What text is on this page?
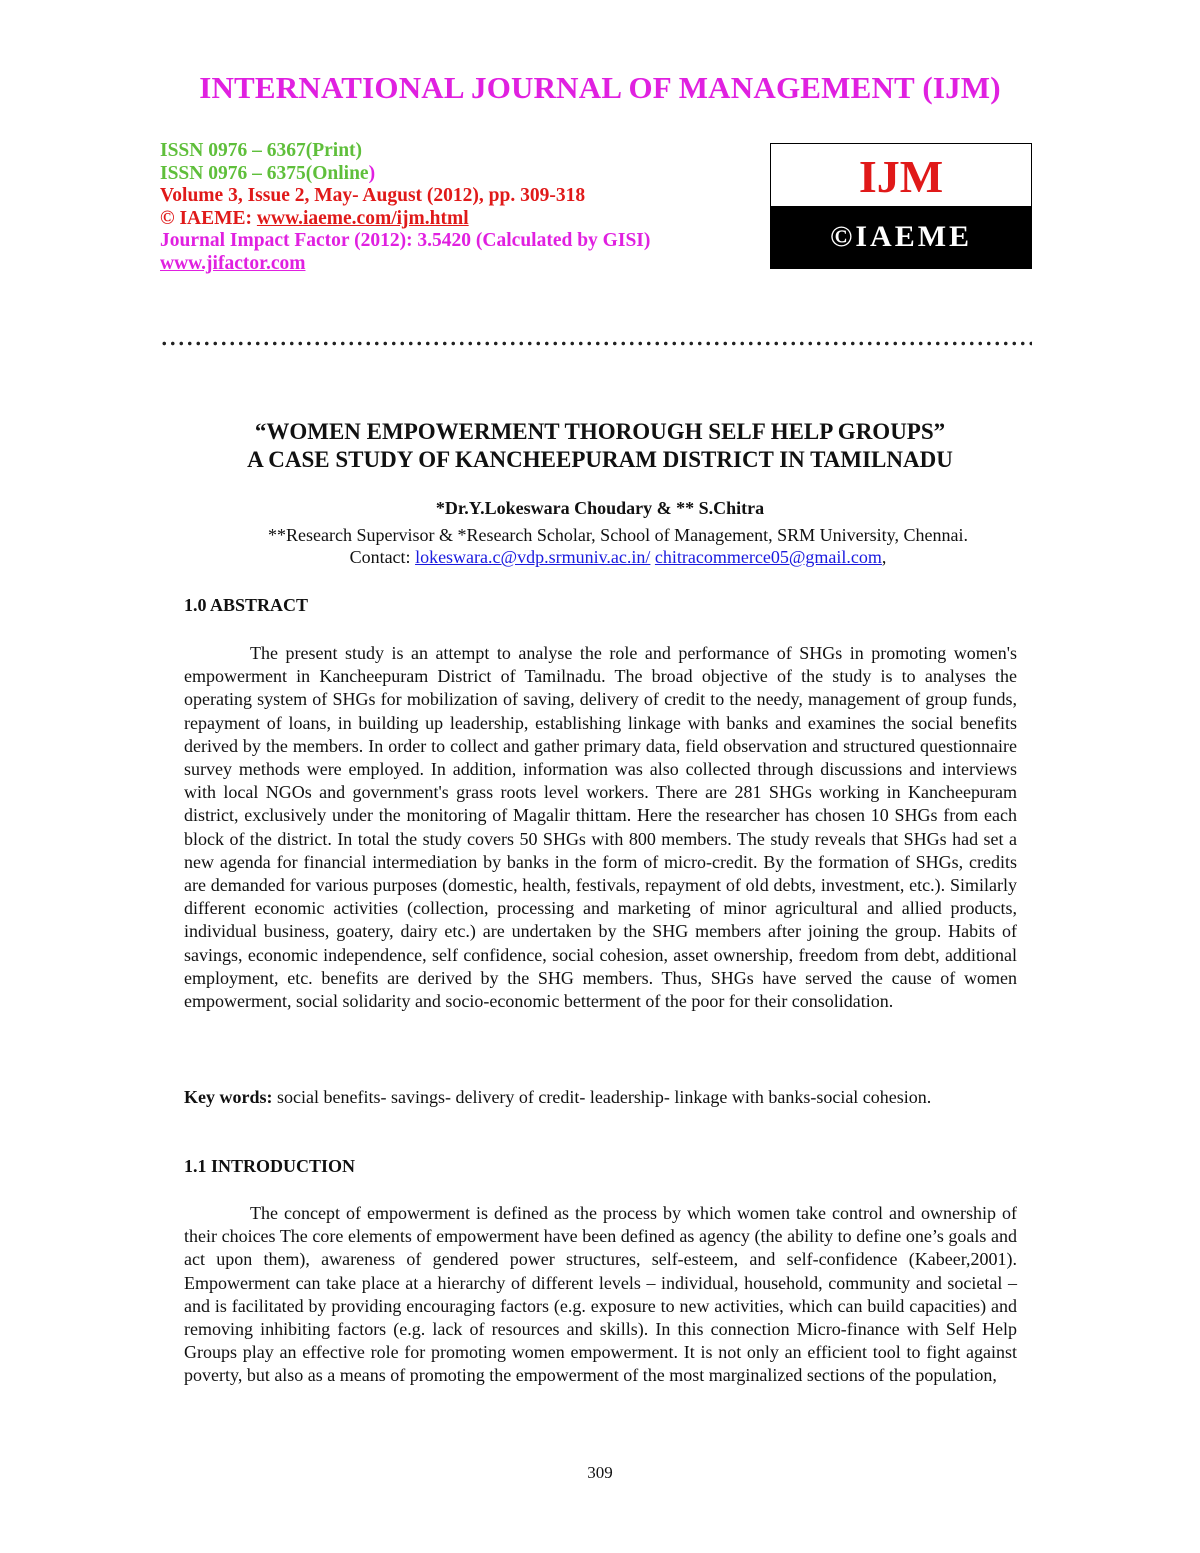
INTERNATIONAL JOURNAL OF MANAGEMENT (IJM)
ISSN 0976 – 6367(Print)
ISSN 0976 – 6375(Online)
Volume 3, Issue 2, May- August (2012), pp. 309-318
© IAEME: www.iaeme.com/ijm.html
Journal Impact Factor (2012): 3.5420 (Calculated by GISI)
www.jifactor.com
IJM
©IAEME
“WOMEN EMPOWERMENT THOROUGH SELF HELP GROUPS”
A CASE STUDY OF KANCHEEPURAM DISTRICT IN TAMILNADU
*Dr.Y.Lokeswara Choudary & ** S.Chitra
**Research Supervisor & *Research Scholar, School of Management, SRM University, Chennai.
Contact: lokeswara.c@vdp.srmuniv.ac.in/ chitracommerce05@gmail.com,
1.0 ABSTRACT
The present study is an attempt to analyse the role and performance of SHGs in promoting women's empowerment in Kancheepuram District of Tamilnadu. The broad objective of the study is to analyses the operating system of SHGs for mobilization of saving, delivery of credit to the needy, management of group funds, repayment of loans, in building up leadership, establishing linkage with banks and examines the social benefits derived by the members. In order to collect and gather primary data, field observation and structured questionnaire survey methods were employed. In addition, information was also collected through discussions and interviews with local NGOs and government's grass roots level workers. There are 281 SHGs working in Kancheepuram district, exclusively under the monitoring of Magalir thittam. Here the researcher has chosen 10 SHGs from each block of the district. In total the study covers 50 SHGs with 800 members. The study reveals that SHGs had set a new agenda for financial intermediation by banks in the form of micro-credit. By the formation of SHGs, credits are demanded for various purposes (domestic, health, festivals, repayment of old debts, investment, etc.). Similarly different economic activities (collection, processing and marketing of minor agricultural and allied products, individual business, goatery, dairy etc.) are undertaken by the SHG members after joining the group. Habits of savings, economic independence, self confidence, social cohesion, asset ownership, freedom from debt, additional employment, etc. benefits are derived by the SHG members. Thus, SHGs have served the cause of women empowerment, social solidarity and socio-economic betterment of the poor for their consolidation.
Key words: social benefits- savings- delivery of credit- leadership- linkage with banks-social cohesion.
1.1 INTRODUCTION
The concept of empowerment is defined as the process by which women take control and ownership of their choices The core elements of empowerment have been defined as agency (the ability to define one’s goals and act upon them), awareness of gendered power structures, self-esteem, and self-confidence (Kabeer,2001). Empowerment can take place at a hierarchy of different levels – individual, household, community and societal – and is facilitated by providing encouraging factors (e.g. exposure to new activities, which can build capacities) and removing inhibiting factors (e.g. lack of resources and skills). In this connection Micro-finance with Self Help Groups play an effective role for promoting women empowerment. It is not only an efficient tool to fight against poverty, but also as a means of promoting the empowerment of the most marginalized sections of the population,
309
